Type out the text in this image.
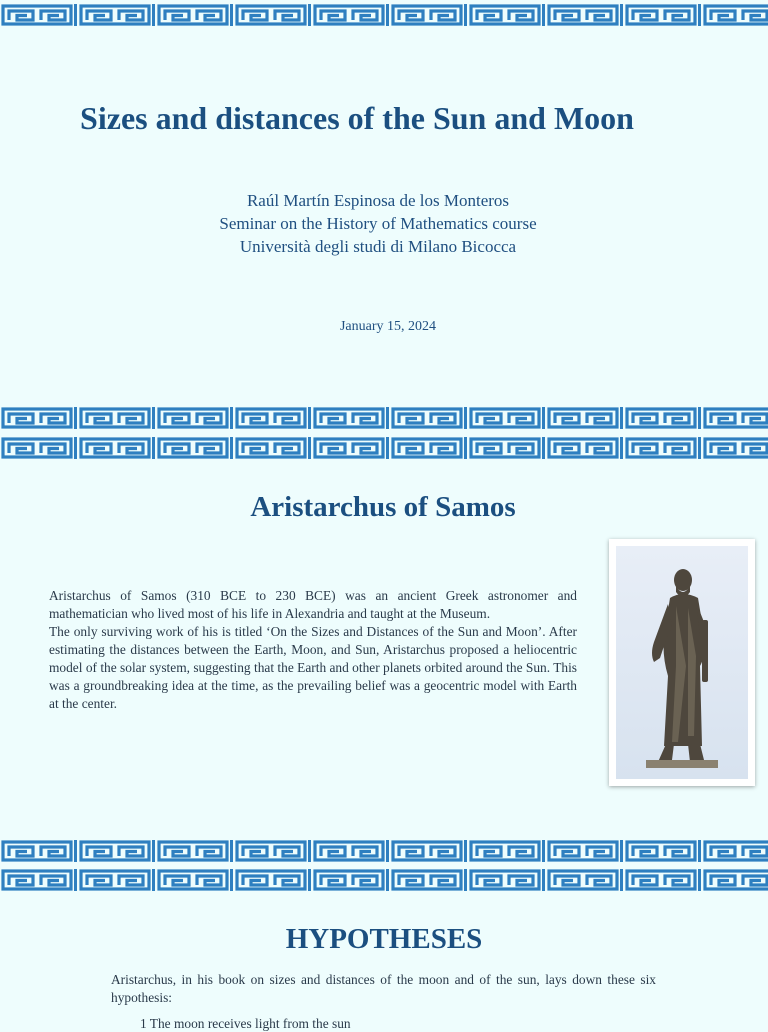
Sizes and distances of the Sun and Moon
Raúl Martín Espinosa de los Monteros
Seminar on the History of Mathematics course
Università degli studi di Milano Bicocca
January 15, 2024
Aristarchus of Samos

Aristarchus of Samos (310 BCE to 230 BCE) was an ancient Greek astronomer and mathematician who lived most of his life in Alexandria and taught at the Museum.

The only surviving work of his is titled ‘On the Sizes and Distances of the Sun and Moon’. After estimating the distances between the Earth, Moon, and Sun, Aristarchus proposed a heliocentric model of the solar system, suggesting that the Earth and other planets orbited around the Sun. This was a groundbreaking idea at the time, as the prevailing belief was a geocentric model with Earth at the center.

HYPOTHESES
Aristarchus, in his book on sizes and distances of the moon and of the sun, lays down these six hypothesis:
1 The moon receives light from the sun
